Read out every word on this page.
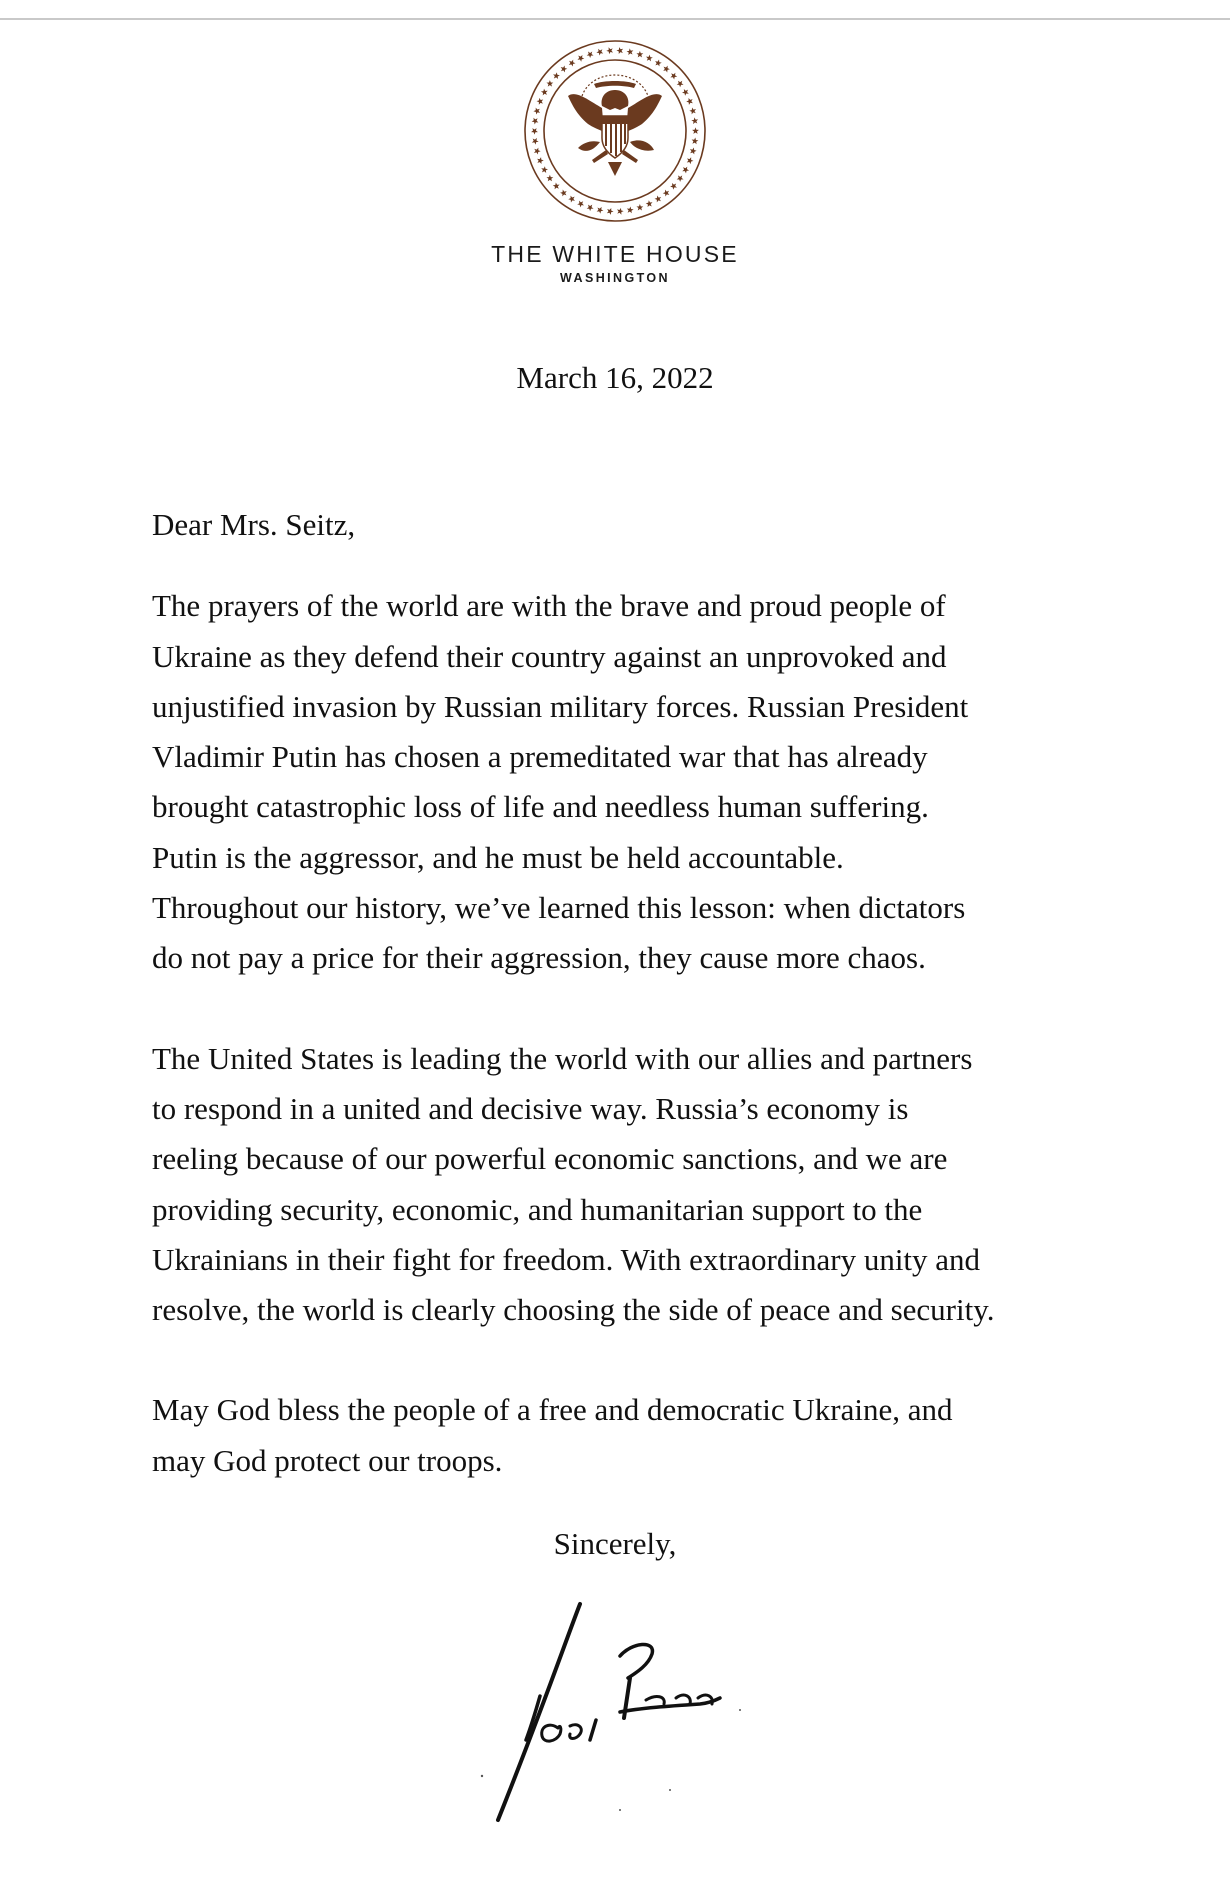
THE WHITE HOUSE
WASHINGTON
March 16, 2022

Dear Mrs. Seitz,

The prayers of the world are with the brave and proud people of
Ukraine as they defend their country against an unprovoked and
unjustified invasion by Russian military forces. Russian President
Vladimir Putin has chosen a premeditated war that has already
brought catastrophic loss of life and needless human suffering.
Putin is the aggressor, and he must be held accountable.
Throughout our history, we’ve learned this lesson: when dictators
do not pay a price for their aggression, they cause more chaos.

The United States is leading the world with our allies and partners
to respond in a united and decisive way. Russia’s economy is
reeling because of our powerful economic sanctions, and we are
providing security, economic, and humanitarian support to the
Ukrainians in their fight for freedom. With extraordinary unity and
resolve, the world is clearly choosing the side of peace and security.

May God bless the people of a free and democratic Ukraine, and
may God protect our troops.

Sincerely,
